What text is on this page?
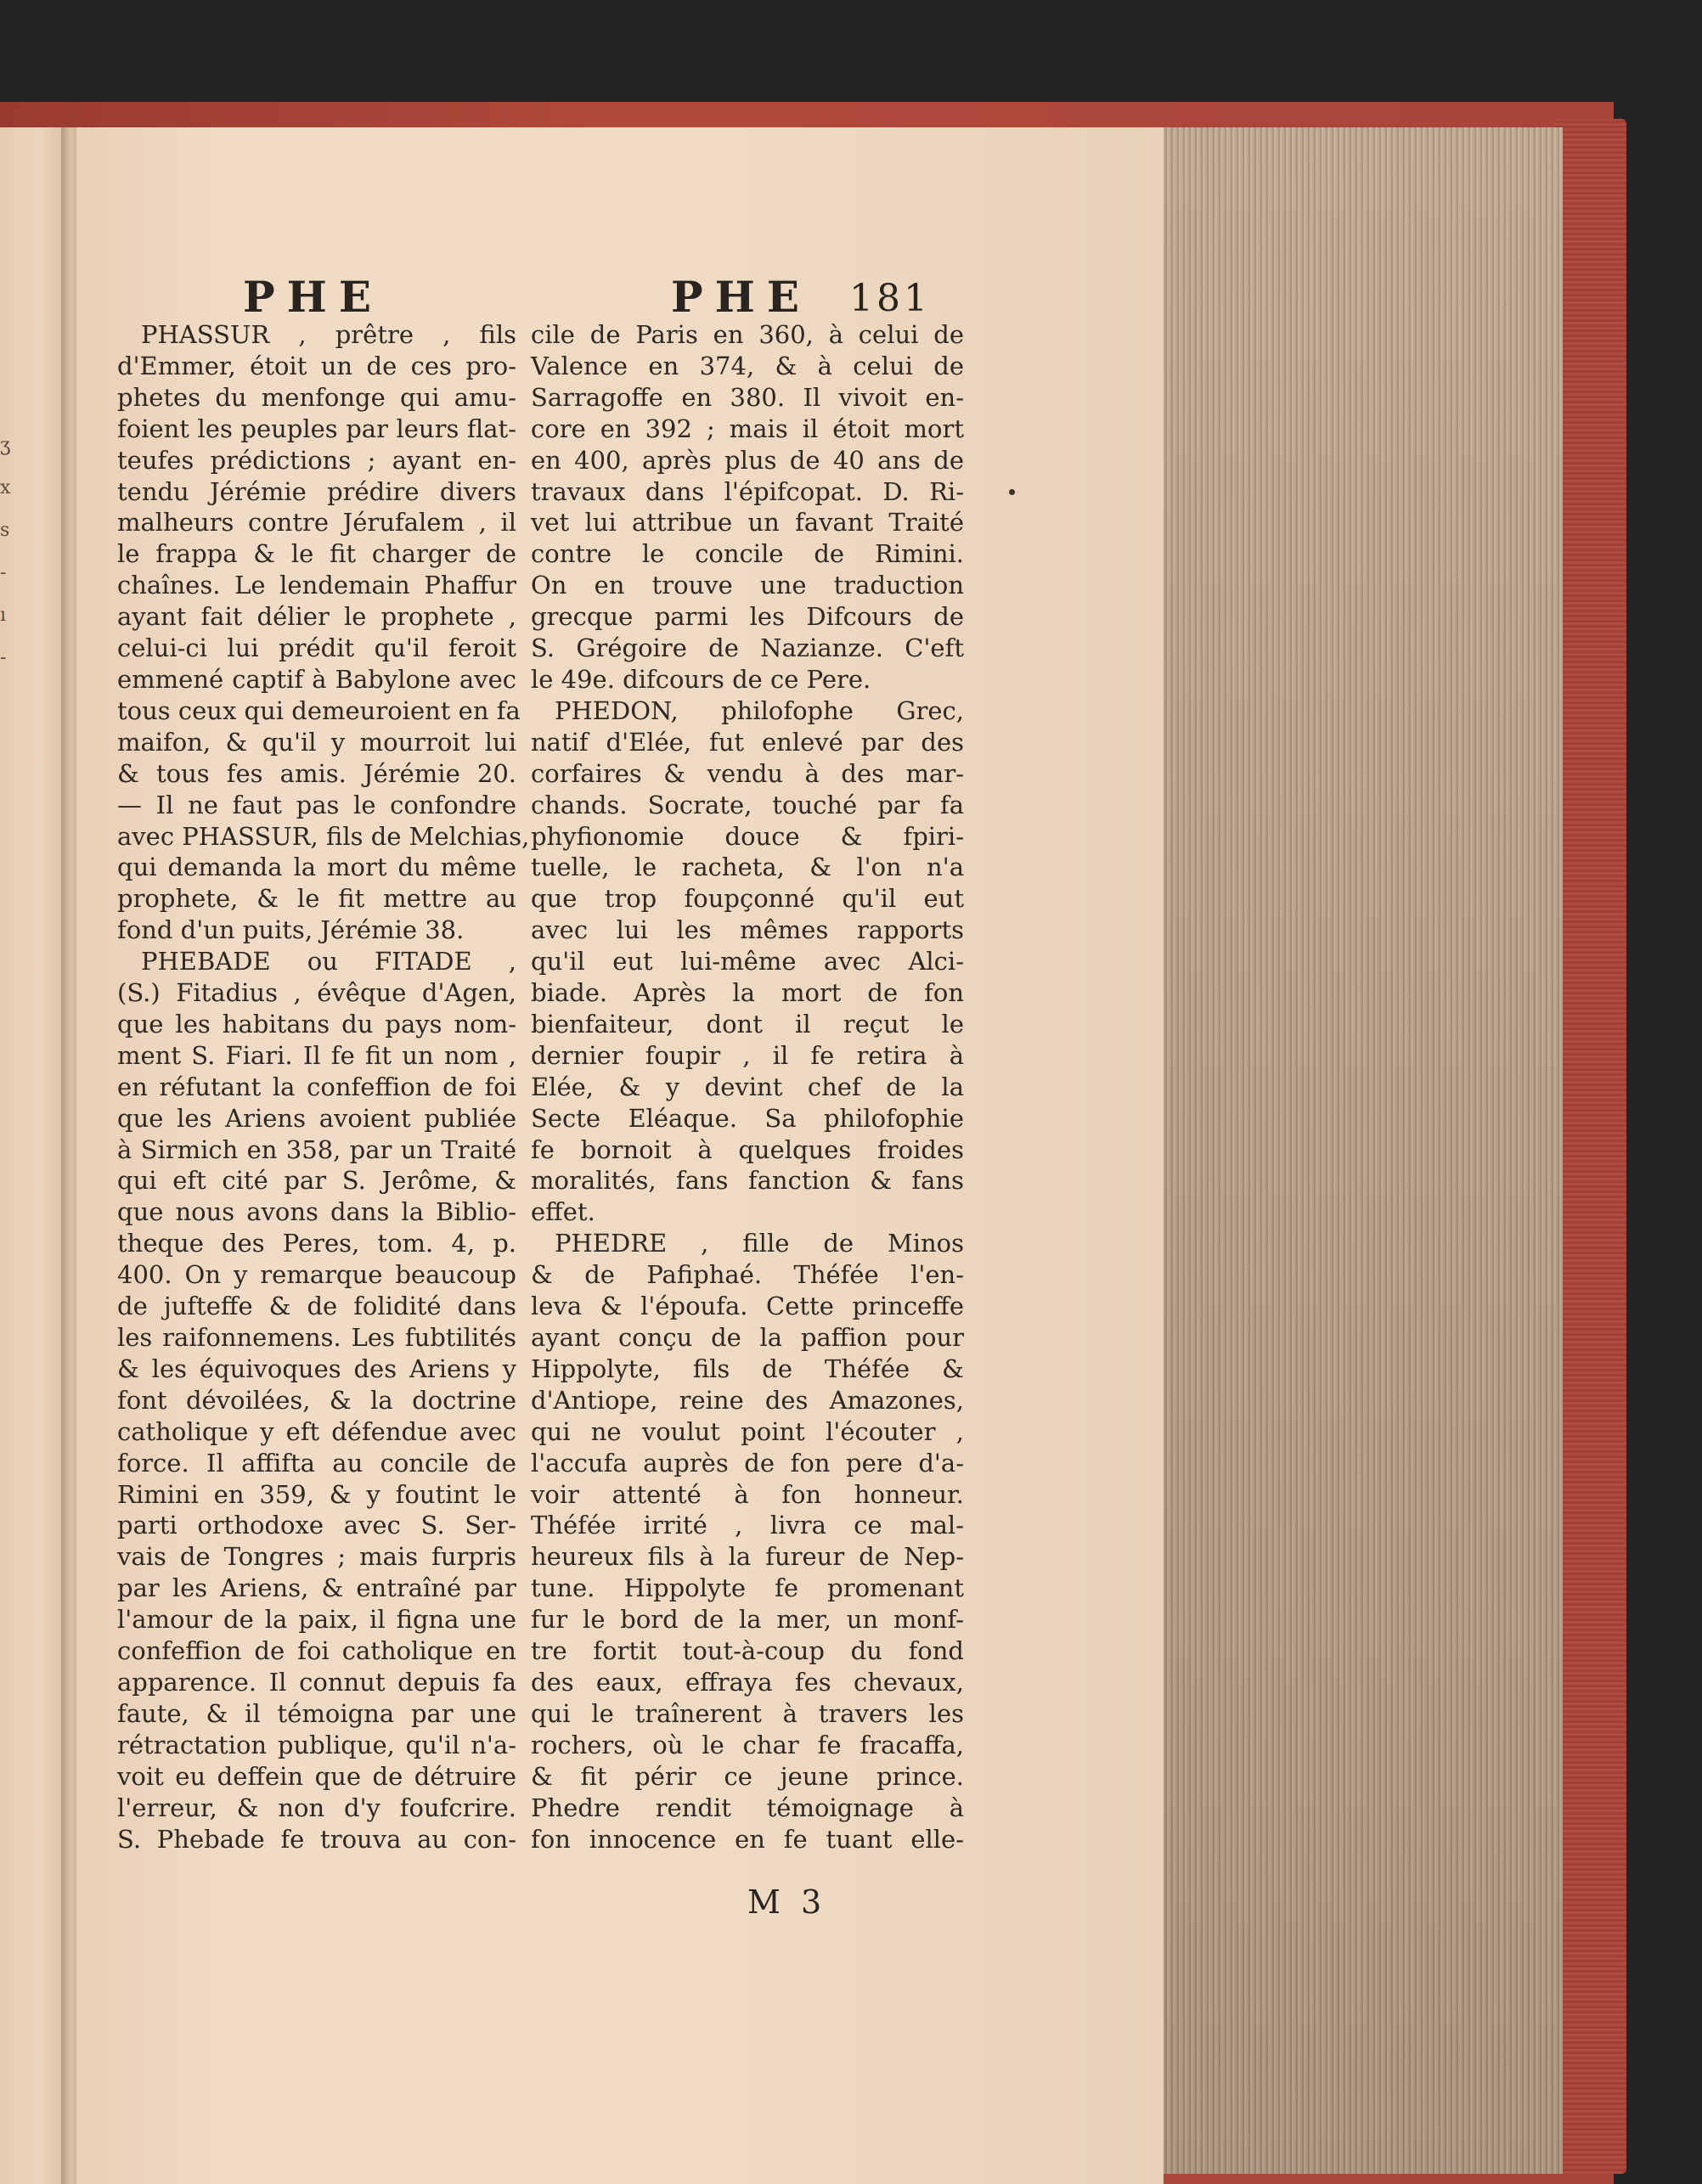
ʒ
x
s
-
ı
-
PHE	PHE 181
PHASSUR , prêtre , fils
d'Emmer, étoit un de ces pro-
phetes du menfonge qui amu-
foient les peuples par leurs flat-
teufes prédictions ; ayant en-
tendu Jérémie prédire divers
malheurs contre Jérufalem , il
le frappa & le fit charger de
chaînes. Le lendemain Phaffur
ayant fait délier le prophete ,
celui-ci lui prédit qu'il feroit
emmené captif à Babylone avec
tous ceux qui demeuroient en fa
maifon, & qu'il y mourroit lui
& tous fes amis. Jérémie 20.
— Il ne faut pas le confondre
avec PHASSUR, fils de Melchias,
qui demanda la mort du même
prophete, & le fit mettre au
fond d'un puits, Jérémie 38.
PHEBADE ou FITADE ,
(S.) Fitadius , évêque d'Agen,
que les habitans du pays nom-
ment S. Fiari. Il fe fit un nom ,
en réfutant la confeffion de foi
que les Ariens avoient publiée
à Sirmich en 358, par un Traité
qui eft cité par S. Jerôme, &
que nous avons dans la Biblio-
theque des Peres, tom. 4, p.
400. On y remarque beaucoup
de jufteffe & de folidité dans
les raifonnemens. Les fubtilités
& les équivoques des Ariens y
font dévoilées, & la doctrine
catholique y eft défendue avec
force. Il affifta au concile de
Rimini en 359, & y foutint le
parti orthodoxe avec S. Ser-
vais de Tongres ; mais furpris
par les Ariens, & entraîné par
l'amour de la paix, il figna une
confeffion de foi catholique en
apparence. Il connut depuis fa
faute, & il témoigna par une
rétractation publique, qu'il n'a-
voit eu deffein que de détruire
l'erreur, & non d'y foufcrire.
S. Phebade fe trouva au con-
cile de Paris en 360, à celui de
Valence en 374, & à celui de
Sarragoffe en 380. Il vivoit en-
core en 392 ; mais il étoit mort
en 400, après plus de 40 ans de
travaux dans l'épifcopat. D. Ri-
vet lui attribue un favant Traité
contre le concile de Rimini.
On en trouve une traduction
grecque parmi les Difcours de
S. Grégoire de Nazianze. C'eft
le 49e. difcours de ce Pere.
PHEDON, philofophe Grec,
natif d'Elée, fut enlevé par des
corfaires & vendu à des mar-
chands. Socrate, touché par fa
phyfionomie douce & fpiri-
tuelle, le racheta, & l'on n'a
que trop foupçonné qu'il eut
avec lui les mêmes rapports
qu'il eut lui-même avec Alci-
biade. Après la mort de fon
bienfaiteur, dont il reçut le
dernier foupir , il fe retira à
Elée, & y devint chef de la
Secte Eléaque. Sa philofophie
fe bornoit à quelques froides
moralités, fans fanction & fans
effet.
PHEDRE , fille de Minos
& de Pafiphaé. Théfée l'en-
leva & l'époufa. Cette princeffe
ayant conçu de la paffion pour
Hippolyte, fils de Théfée &
d'Antiope, reine des Amazones,
qui ne voulut point l'écouter ,
l'accufa auprès de fon pere d'a-
voir attenté à fon honneur.
Théfée irrité , livra ce mal-
heureux fils à la fureur de Nep-
tune. Hippolyte fe promenant
fur le bord de la mer, un monf-
tre fortit tout-à-coup du fond
des eaux, effraya fes chevaux,
qui le traînerent à travers les
rochers, où le char fe fracaffa,
& fit périr ce jeune prince.
Phedre rendit témoignage à
fon innocence en fe tuant elle-
M 3
